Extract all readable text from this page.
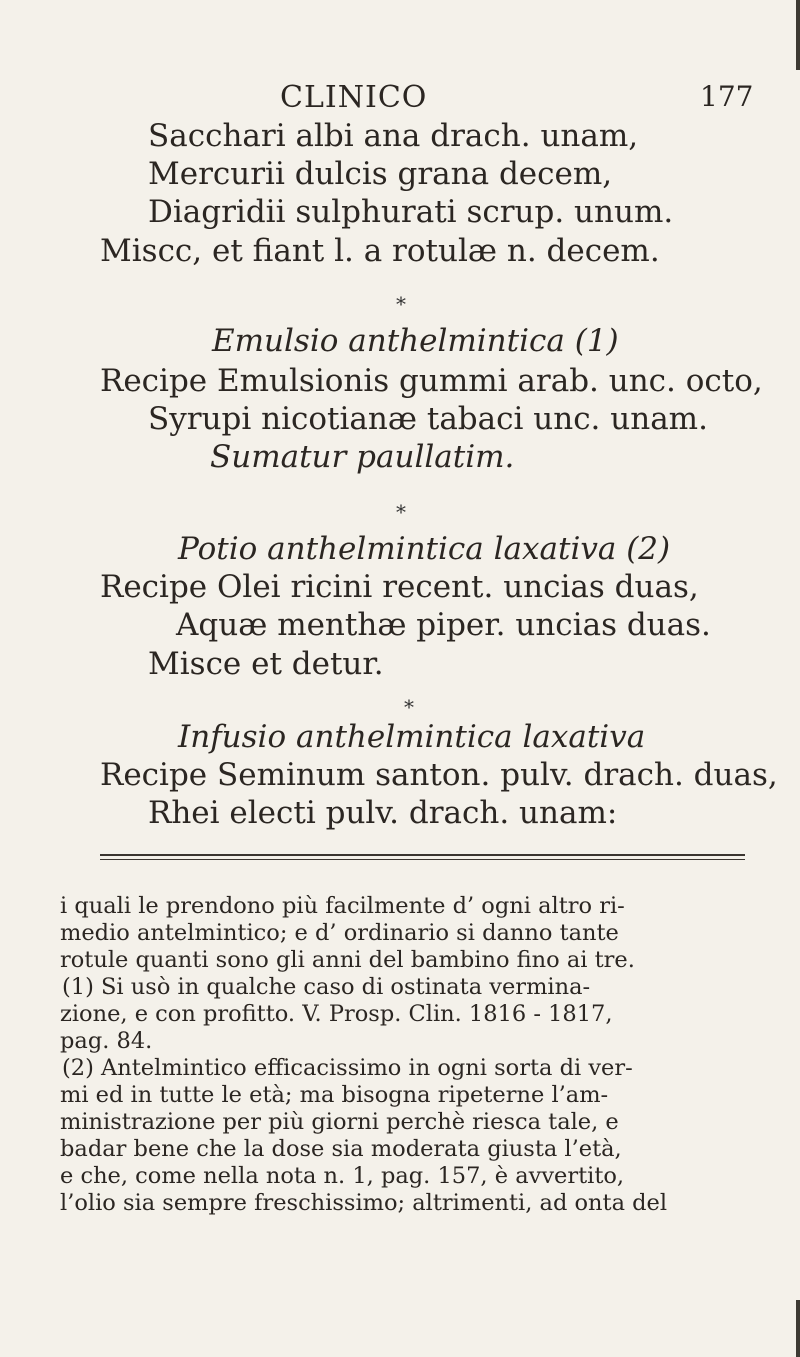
CLINICO	177
Sacchari albi ana drach. unam,
Mercurii dulcis grana decem,
Diagridii sulphurati scrup. unum.
Miscc, et fiant l. a rotulæ n. decem.
*
Emulsio anthelmintica (1)
Recipe Emulsionis gummi arab. unc. octo,
Syrupi nicotianæ tabaci unc. unam.
Sumatur paullatim.
*
Potio anthelmintica laxativa (2)
Recipe Olei ricini recent. uncias duas,
Aquæ menthæ piper. uncias duas.
Misce et detur.
*
Infusio anthelmintica laxativa
Recipe Seminum santon. pulv. drach. duas,
Rhei electi pulv. drach. unam:
i quali le prendono più facilmente d’ ogni altro ri-
medio antelmintico; e d’ ordinario si danno tante
rotule quanti sono gli anni del bambino fino ai tre.
(1) Si usò in qualche caso di ostinata vermina-
zione, e con profitto. V. Prosp. Clin. 1816 - 1817,
pag. 84.
(2) Antelmintico efficacissimo in ogni sorta di ver-
mi ed in tutte le età; ma bisogna ripeterne l’am-
ministrazione per più giorni perchè riesca tale, e
badar bene che la dose sia moderata giusta l’età,
e che, come nella nota n. 1, pag. 157, è avvertito,
l’olio sia sempre freschissimo; altrimenti, ad onta del
